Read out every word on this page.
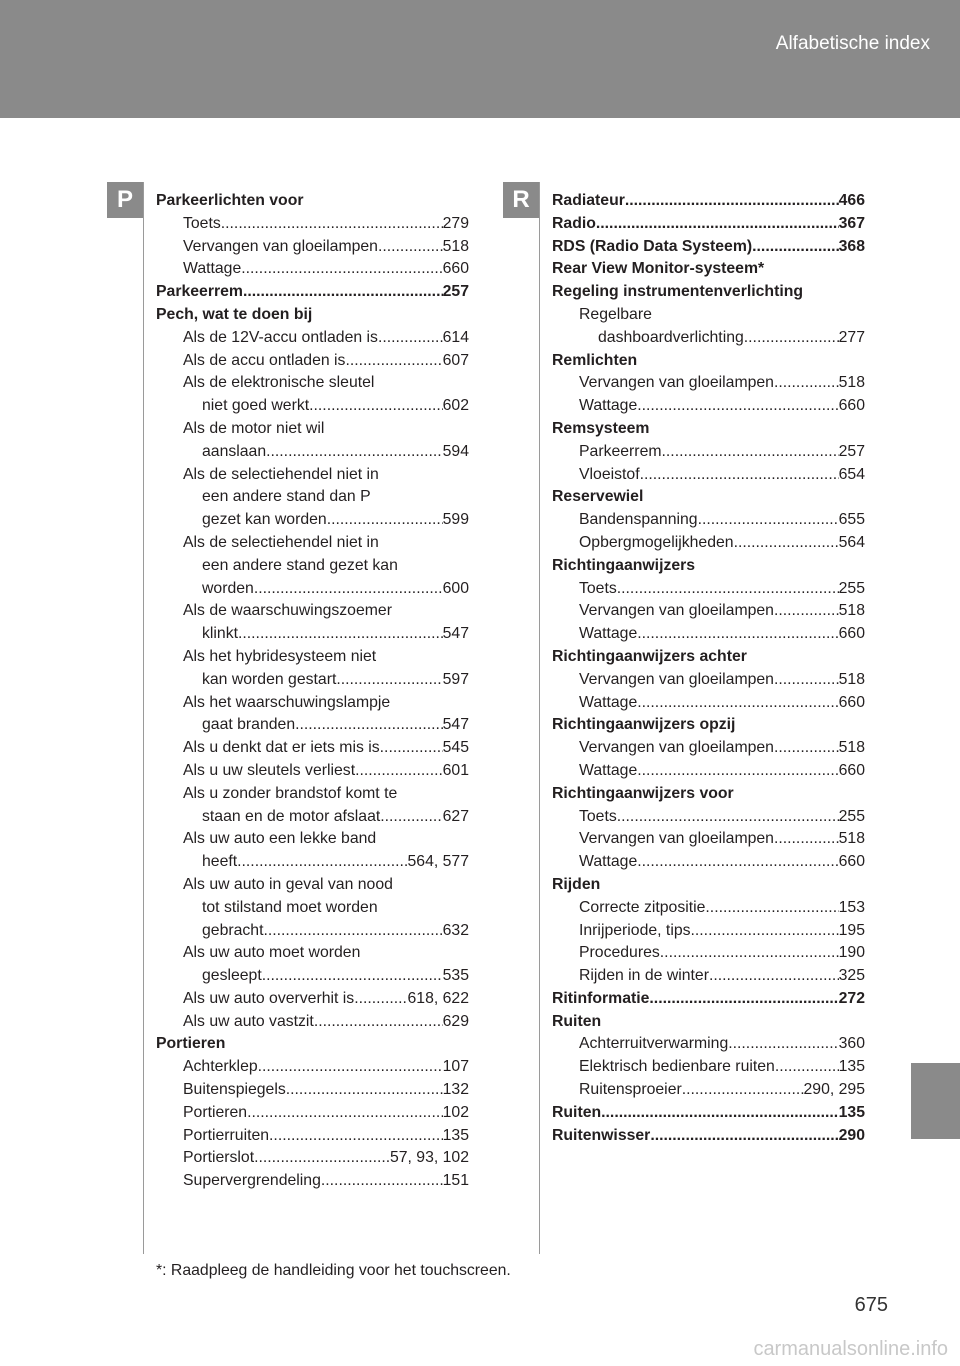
Alfabetische index
P	R
Parkeerlichten voor
Toets .....	279
Vervangen van gloeilampen .....	518
Wattage .....	660
Parkeerrem .....	257
Pech, wat te doen bij
Als de 12V-accu ontladen is .....	614
Als de accu ontladen is .....	607
Als de elektronische sleutel
niet goed werkt .....	602
Als de motor niet wil
aanslaan .....	594
Als de selectiehendel niet in
een andere stand dan P
gezet kan worden .....	599
Als de selectiehendel niet in
een andere stand gezet kan
worden .....	600
Als de waarschuwingszoemer
klinkt .....	547
Als het hybridesysteem niet
kan worden gestart .....	597
Als het waarschuwingslampje
gaat branden .....	547
Als u denkt dat er iets mis is .....	545
Als u uw sleutels verliest .....	601
Als u zonder brandstof komt te
staan en de motor afslaat .....	627
Als uw auto een lekke band
heeft .....	564, 577
Als uw auto in geval van nood
tot stilstand moet worden
gebracht .....	632
Als uw auto moet worden
gesleept .....	535
Als uw auto oververhit is .....	618, 622
Als uw auto vastzit .....	629
Portieren
Achterklep .....	107
Buitenspiegels .....	132
Portieren .....	102
Portierruiten .....	135
Portierslot .....	57, 93, 102
Supervergrendeling .....	151
Radiateur .....	466
Radio .....	367
RDS (Radio Data Systeem) .....	368
Rear View Monitor-systeem*
Regeling instrumentenverlichting
Regelbare
dashboardverlichting .....	277
Remlichten
Vervangen van gloeilampen .....	518
Wattage .....	660
Remsysteem
Parkeerrem .....	257
Vloeistof .....	654
Reservewiel
Bandenspanning .....	655
Opbergmogelijkheden .....	564
Richtingaanwijzers
Toets .....	255
Vervangen van gloeilampen .....	518
Wattage .....	660
Richtingaanwijzers achter
Vervangen van gloeilampen .....	518
Wattage .....	660
Richtingaanwijzers opzij
Vervangen van gloeilampen .....	518
Wattage .....	660
Richtingaanwijzers voor
Toets .....	255
Vervangen van gloeilampen .....	518
Wattage .....	660
Rijden
Correcte zitpositie .....	153
Inrijperiode, tips .....	195
Procedures .....	190
Rijden in de winter .....	325
Ritinformatie .....	272
Ruiten
Achterruitverwarming .....	360
Elektrisch bedienbare ruiten .....	135
Ruitensproeier .....	290, 295
Ruiten .....	135
Ruitenwisser .....	290
*: Raadpleeg de handleiding voor het touchscreen.
675
carmanualsonline.info
